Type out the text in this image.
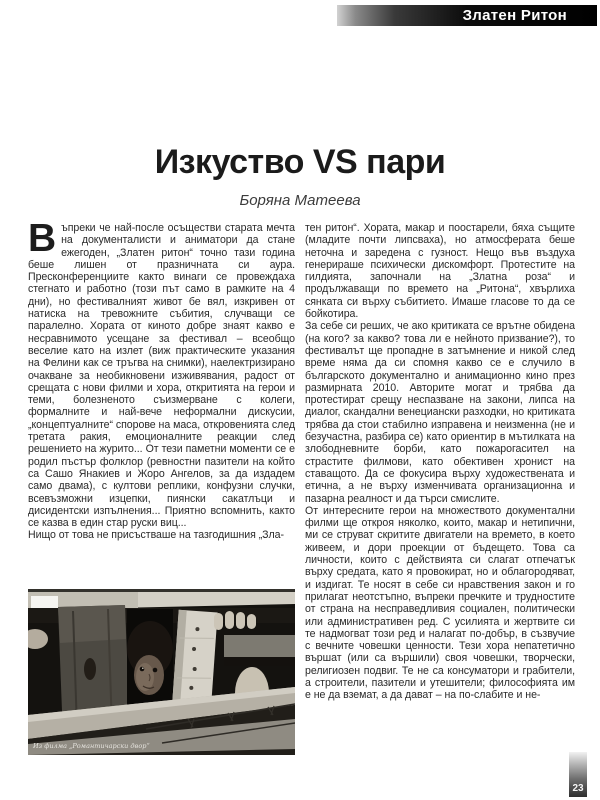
Златен Ритон
Изкуство VS пари
Боряна Матеева

Въпреки че най-после осъществи старата мечта на документалисти и аниматори да стане ежегоден, „Златен ритон“ точно тази година беше лишен от празничната си аура. Пресконференциите както винаги се провеждаха стегнато и работно (този път само в рамките на 4 дни), но фестивалният живот бе вял, изкривен от натиска на тревожните събития, случващи се паралелно. Хората от киното добре знаят какво е несравнимото усещане за фестивал – всеобщо веселие като на излет (виж практическите указания на Фелини как се тръгва на снимки), наелектризирано очакване за необикновени изживявания, радост от срещата с нови филми и хора, откритията на герои и теми, болезненото съизмерване с колеги, формалните и най-вече неформални дискусии, „концептуалните“ спорове на маса, откровенията след третата ракия, емоционалните реакции след решението на журито... От тези паметни моменти се е родил пъстър фолклор (ревностни пазители на който са Сашо Янакиев и Жоро Ангелов, за да издадем само двама), с култови реплики, конфузни случки, всевъзможни изцепки, пиянски сакатлъци и дисидентски изпълнения... Приятно вспомнить, както се казва в един стар руски виц...

Нищо от това не присъстваше на тазгодишния „Зла-

тен ритон“. Хората, макар и поостарели, бяха същите (младите почти липсваха), но атмосферата беше неточна и заредена с гузност. Нещо във въздуха генерираше психически дискомфорт. Протестите на гилдията, започнали на „Златна роза“ и продължаващи по времето на „Ритона“, хвърлиха сянката си върху събитието. Имаше гласове то да се бойкотира.

За себе си реших, че ако критиката се врътне обидена (на кого? за какво? това ли е нейното призвание?), то фестивалът ще пропадне в затъмнение и никой след време няма да си спомня какво се е случило в българското документално и анимационно кино през размирната 2010. Авторите могат и трябва да протестират срещу неспазване на закони, липса на диалог, скандални венециански разходки, но критиката трябва да стои стабилно изправена и неизменна (не и безучастна, разбира се) като ориентир в мътилката на злободневните борби, като пожарогасител на страстите филмови, като обективен хронист на ставащото. Да се фокусира върху художествената и етична, а не върху изменчивата организационна и пазарна реалност и да търси смислите.

От интересните герои на множеството документални филми ще откроя няколко, които, макар и нетипични, ми се струват скритите двигатели на времето, в което живеем, и дори проекции от бъдещето. Това са личности, които с действията си слагат отпечатък върху средата, като я провокират, но и облагородяват, и издигат. Те носят в себе си нравствения закон и го прилагат неотстъпно, въпреки пречките и трудностите от страна на несправедливия социален, политически или административен ред. С усилията и жертвите си те надмогват този ред и налагат по-добър, в съзвучие с вечните човешки ценности. Тези хора непатетично вършат (или са вършили) своя човешки, творчески, религиозен подвиг. Те не са консуматори и грабители, а строители, пазители и утешители; философията им е не да вземат, а да дават – на по-слабите и не-

Из филма „Романтичарски двор“
23
